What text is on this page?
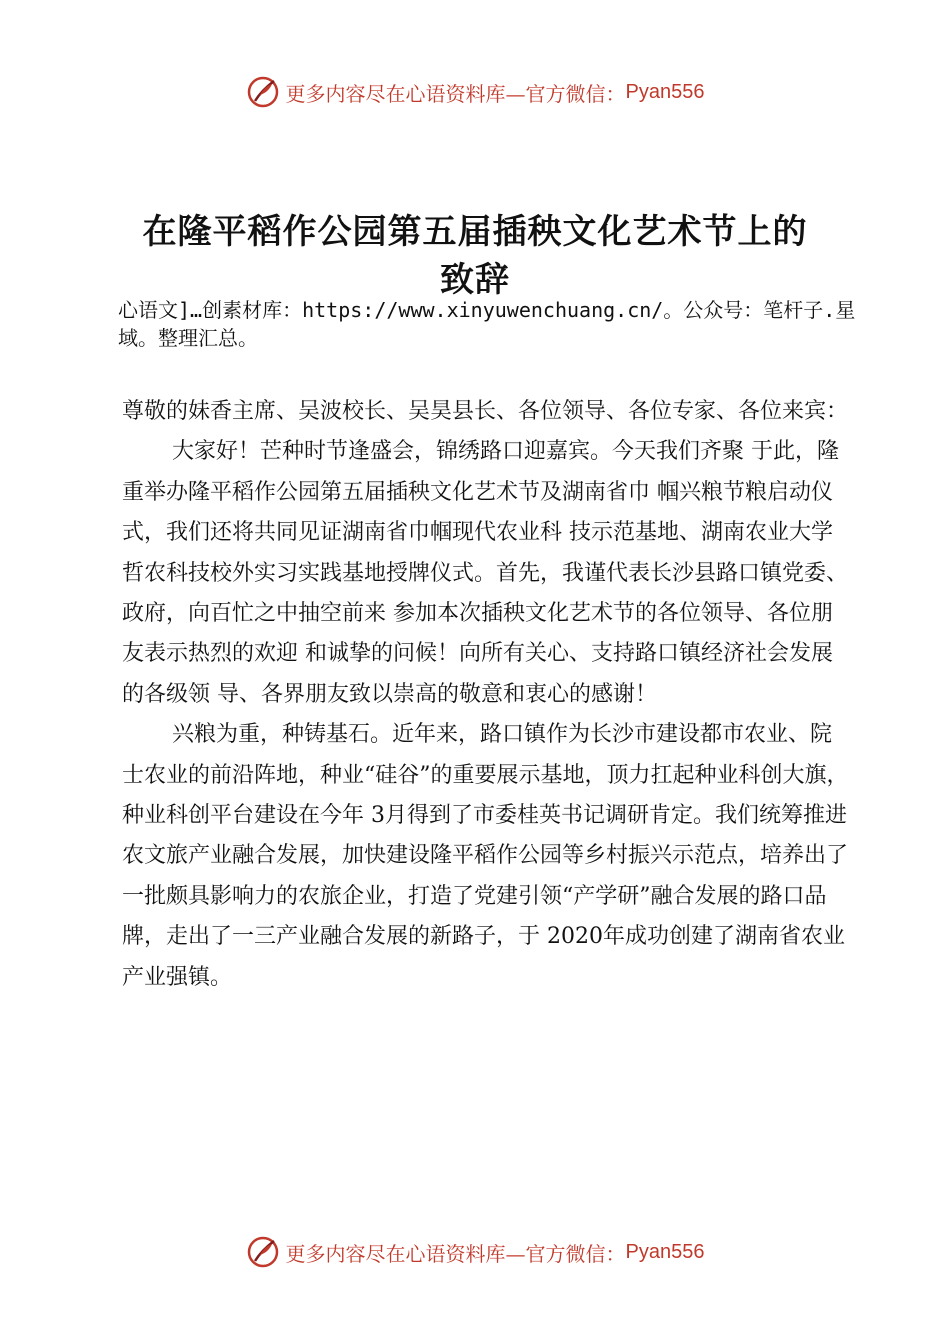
更多内容尽在心语资料库—官方微信： Pyan556
在隆平稻作公园第五届插秧文化艺术节上的
致辞
心语文]…创素材库：https://www.xinyuwenchuang.cn/。公众号：笔杆子.星域。整理汇总。

尊敬的妹香主席、吴波校长、吴昊县长、各位领导、各位专家、各位来宾：

大家好！芒种时节逢盛会，锦绣路口迎嘉宾。今天我们齐聚 于此，隆重举办隆平稻作公园第五届插秧文化艺术节及湖南省巾 帼兴粮节粮启动仪式，我们还将共同见证湖南省巾帼现代农业科 技示范基地、湖南农业大学哲农科技校外实习实践基地授牌仪式。首先，我谨代表长沙县路口镇党委、政府，向百忙之中抽空前来 参加本次插秧文化艺术节的各位领导、各位朋友表示热烈的欢迎 和诚挚的问候！向所有关心、支持路口镇经济社会发展的各级领 导、各界朋友致以崇高的敬意和衷心的感谢！

兴粮为重，种铸基石。近年来，路口镇作为长沙市建设都市农业、院士农业的前沿阵地，种业“硅谷”的重要展示基地，顶力扛起种业科创大旗，种业科创平台建设在今年 3月得到了市委桂英书记调研肯定。我们统筹推进农文旅产业融合发展，加快建设隆平稻作公园等乡村振兴示范点，培养出了一批颇具影响力的农旅企业，打造了党建引领“产学研”融合发展的路口品牌，走出了一三产业融合发展的新路子，于 2020年成功创建了湖南省农业产业强镇。

更多内容尽在心语资料库—官方微信： Pyan556
